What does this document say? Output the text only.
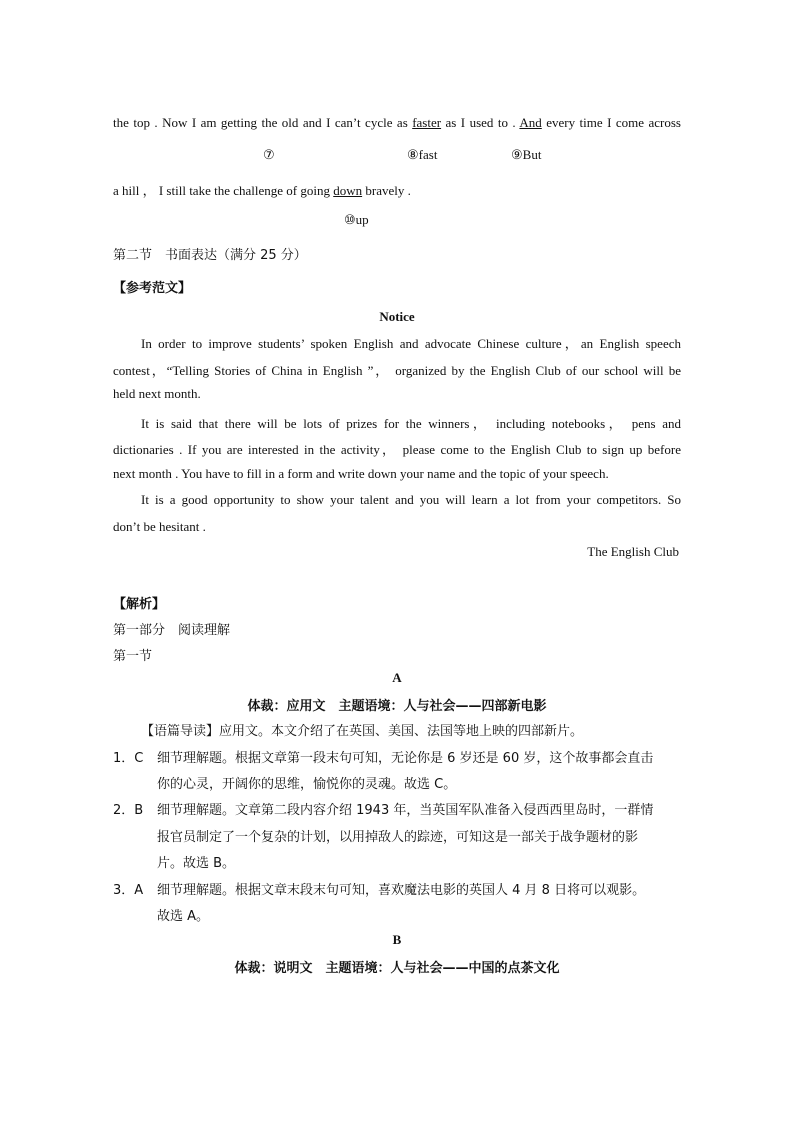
the top . Now I am getting the old and I can’t cycle as faster as I used to . And every time I come across
⑦	⑧fast	⑨But
a hill ， I still take the challenge of going down bravely .
⑩up
第二节　书面表达（满分 25 分）
【参考范文】
Notice
In order to improve students’ spoken English and advocate Chinese culture，an English speech
contest，“Telling Stories of China in English ”， organized by the English Club of our school will be
held next month.
It is said that there will be lots of prizes for the winners， including notebooks， pens and
dictionaries . If you are interested in the activity， please come to the English Club to sign up before
next month . You have to fill in a form and write down your name and the topic of your speech.
It is a good opportunity to show your talent and you will learn a lot from your competitors. So
don’t be hesitant .
The English Club
【解析】
第一部分　阅读理解
第一节
A
体裁：应用文　主题语境：人与社会——四部新电影
【语篇导读】应用文。本文介绍了在英国、美国、法国等地上映的四部新片。
1．C 细节理解题。根据文章第一段末句可知，无论你是 6 岁还是 60 岁，这个故事都会直击
你的心灵，开阔你的思维，愉悦你的灵魂。故选 C。
2．B 细节理解题。文章第二段内容介绍 1943 年，当英国军队准备入侵西西里岛时，一群情
报官员制定了一个复杂的计划，以用掉敌人的踪迹，可知这是一部关于战争题材的影
片。故选 B。
3．A 细节理解题。根据文章末段末句可知，喜欢魔法电影的英国人 4 月 8 日将可以观影。
故选 A。
B
体裁：说明文　主题语境：人与社会——中国的点茶文化
